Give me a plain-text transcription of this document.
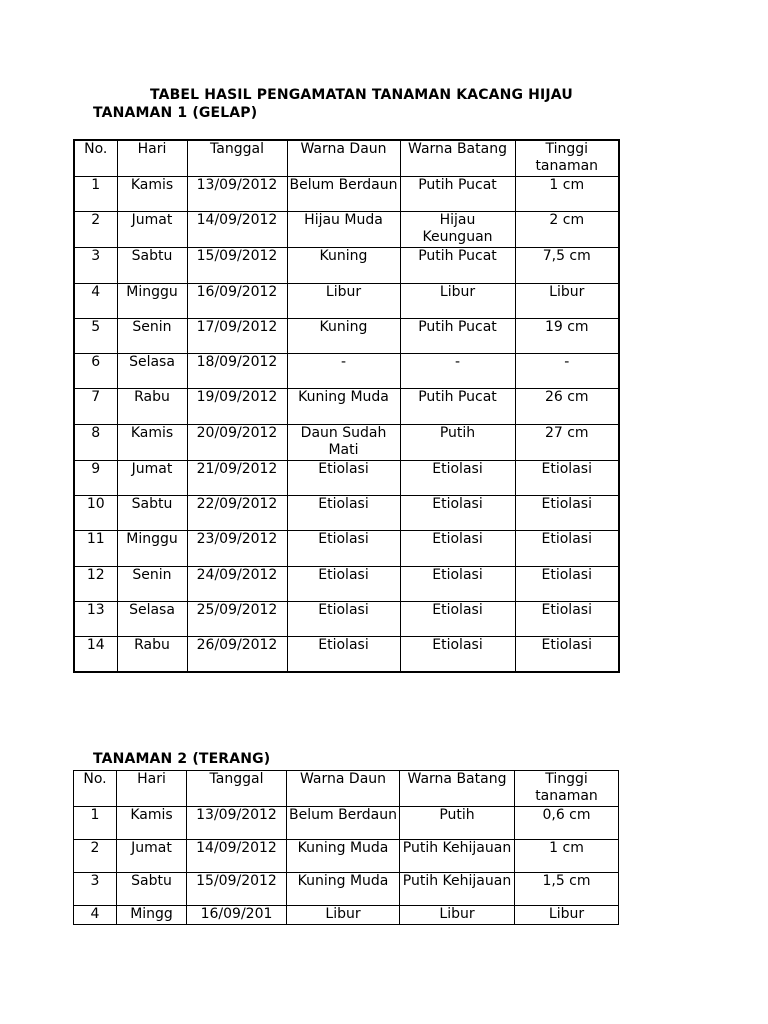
TABEL HASIL PENGAMATAN TANAMAN KACANG HIJAU
TANAMAN 1 (GELAP)
No.	Hari	Tanggal	Warna Daun	Warna Batang	Tinggi tanaman
1	Kamis	13/09/2012	Belum Berdaun	Putih Pucat	1 cm
2	Jumat	14/09/2012	Hijau Muda	Hijau Keunguan	2 cm
3	Sabtu	15/09/2012	Kuning	Putih Pucat	7,5 cm
4	Minggu	16/09/2012	Libur	Libur	Libur
5	Senin	17/09/2012	Kuning	Putih Pucat	19 cm
6	Selasa	18/09/2012	-	-	-
7	Rabu	19/09/2012	Kuning Muda	Putih Pucat	26 cm
8	Kamis	20/09/2012	Daun Sudah Mati	Putih	27 cm
9	Jumat	21/09/2012	Etiolasi	Etiolasi	Etiolasi
10	Sabtu	22/09/2012	Etiolasi	Etiolasi	Etiolasi
11	Minggu	23/09/2012	Etiolasi	Etiolasi	Etiolasi
12	Senin	24/09/2012	Etiolasi	Etiolasi	Etiolasi
13	Selasa	25/09/2012	Etiolasi	Etiolasi	Etiolasi
14	Rabu	26/09/2012	Etiolasi	Etiolasi	Etiolasi
TANAMAN 2 (TERANG)
No.	Hari	Tanggal	Warna Daun	Warna Batang	Tinggi tanaman
1	Kamis	13/09/2012	Belum Berdaun	Putih	0,6 cm
2	Jumat	14/09/2012	Kuning Muda	Putih Kehijauan	1 cm
3	Sabtu	15/09/2012	Kuning Muda	Putih Kehijauan	1,5 cm
4	Mingg	16/09/201	Libur	Libur	Libur
